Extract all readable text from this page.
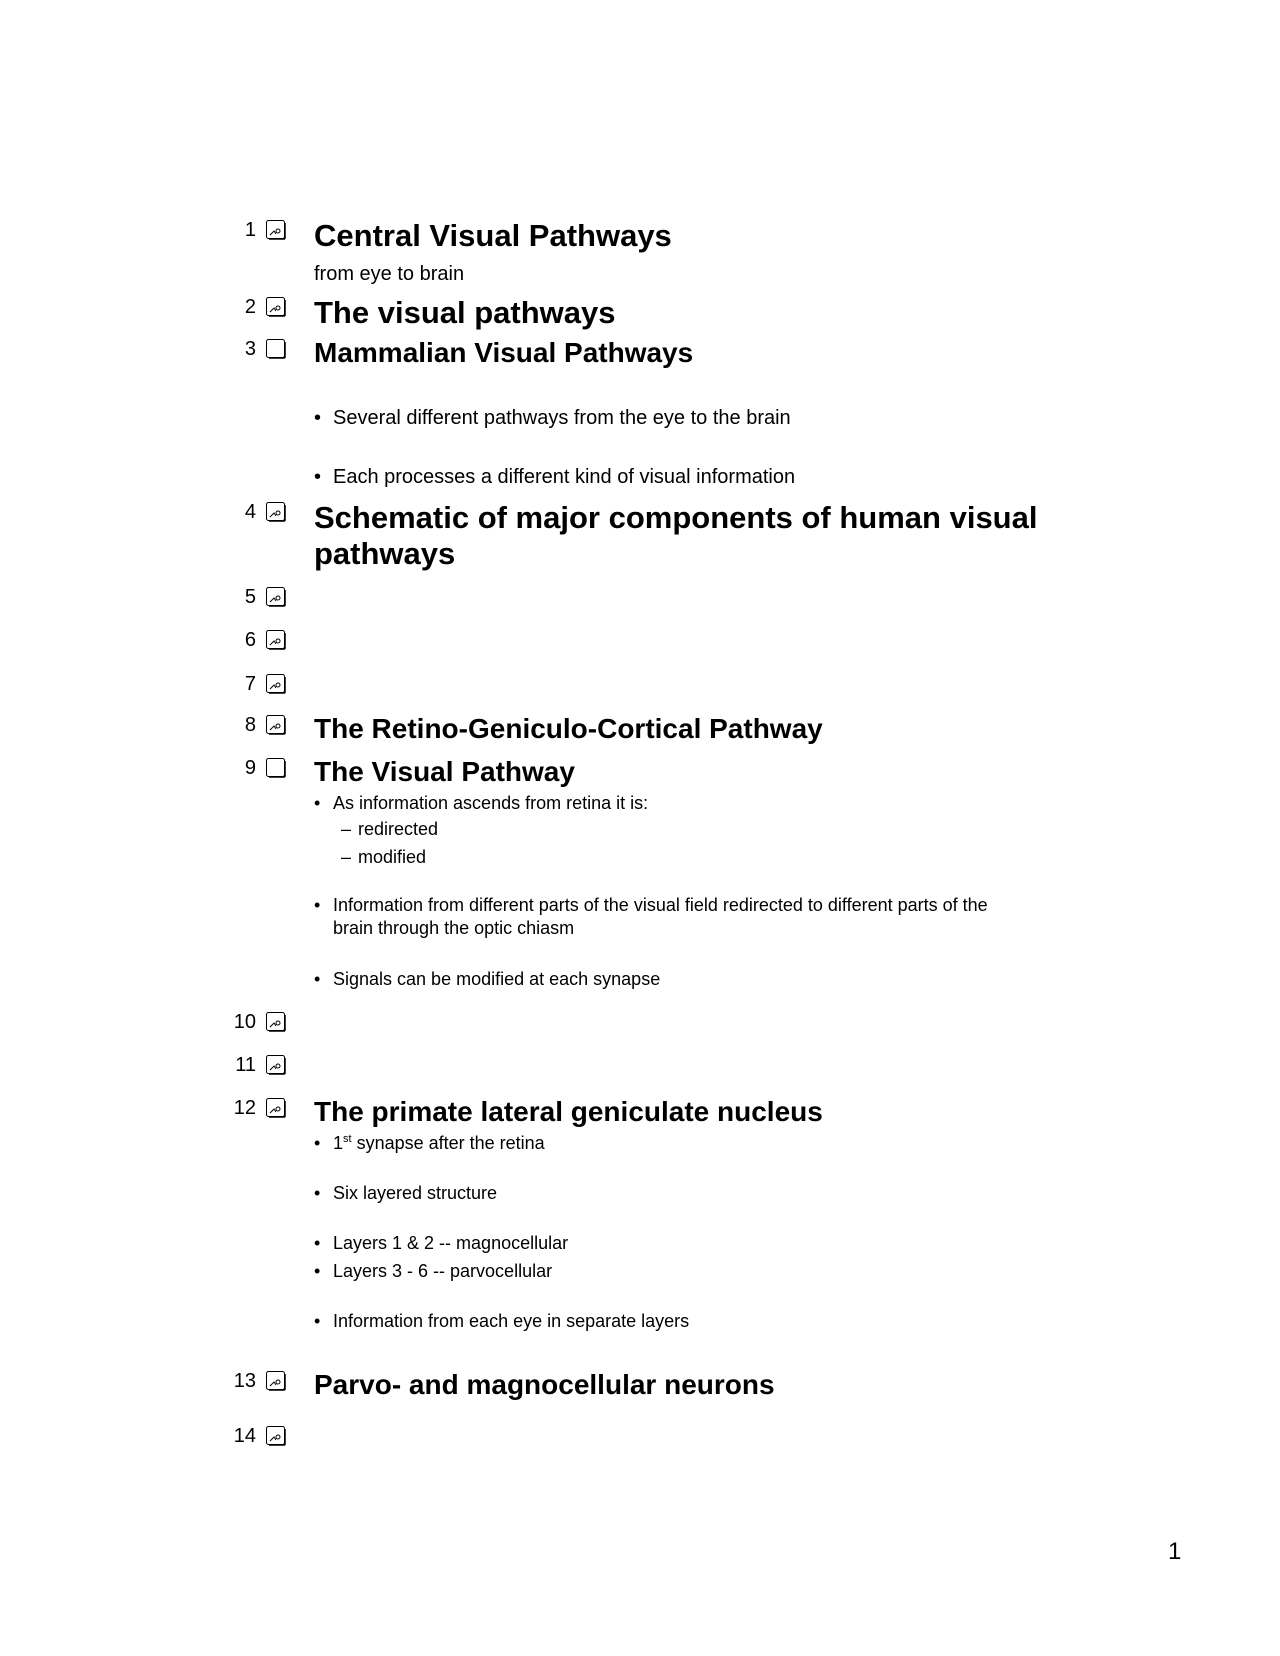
1 Central Visual Pathways
from eye to brain
2 The visual pathways
3 Mammalian Visual Pathways
• Several different pathways from the eye to the brain
• Each processes a different kind of visual information
4 Schematic of major components of human visual
pathways
5
6
7
8 The Retino-Geniculo-Cortical Pathway
9 The Visual Pathway
• As information ascends from retina it is:
– redirected
– modified
• Information from different parts of the visual field redirected to different parts of the
brain through the optic chiasm
• Signals can be modified at each synapse
10
11
12 The primate lateral geniculate nucleus
• 1st synapse after the retina
• Six layered structure
• Layers 1 & 2 -- magnocellular
• Layers 3 - 6 -- parvocellular
• Information from each eye in separate layers
13 Parvo- and magnocellular neurons
14
1
